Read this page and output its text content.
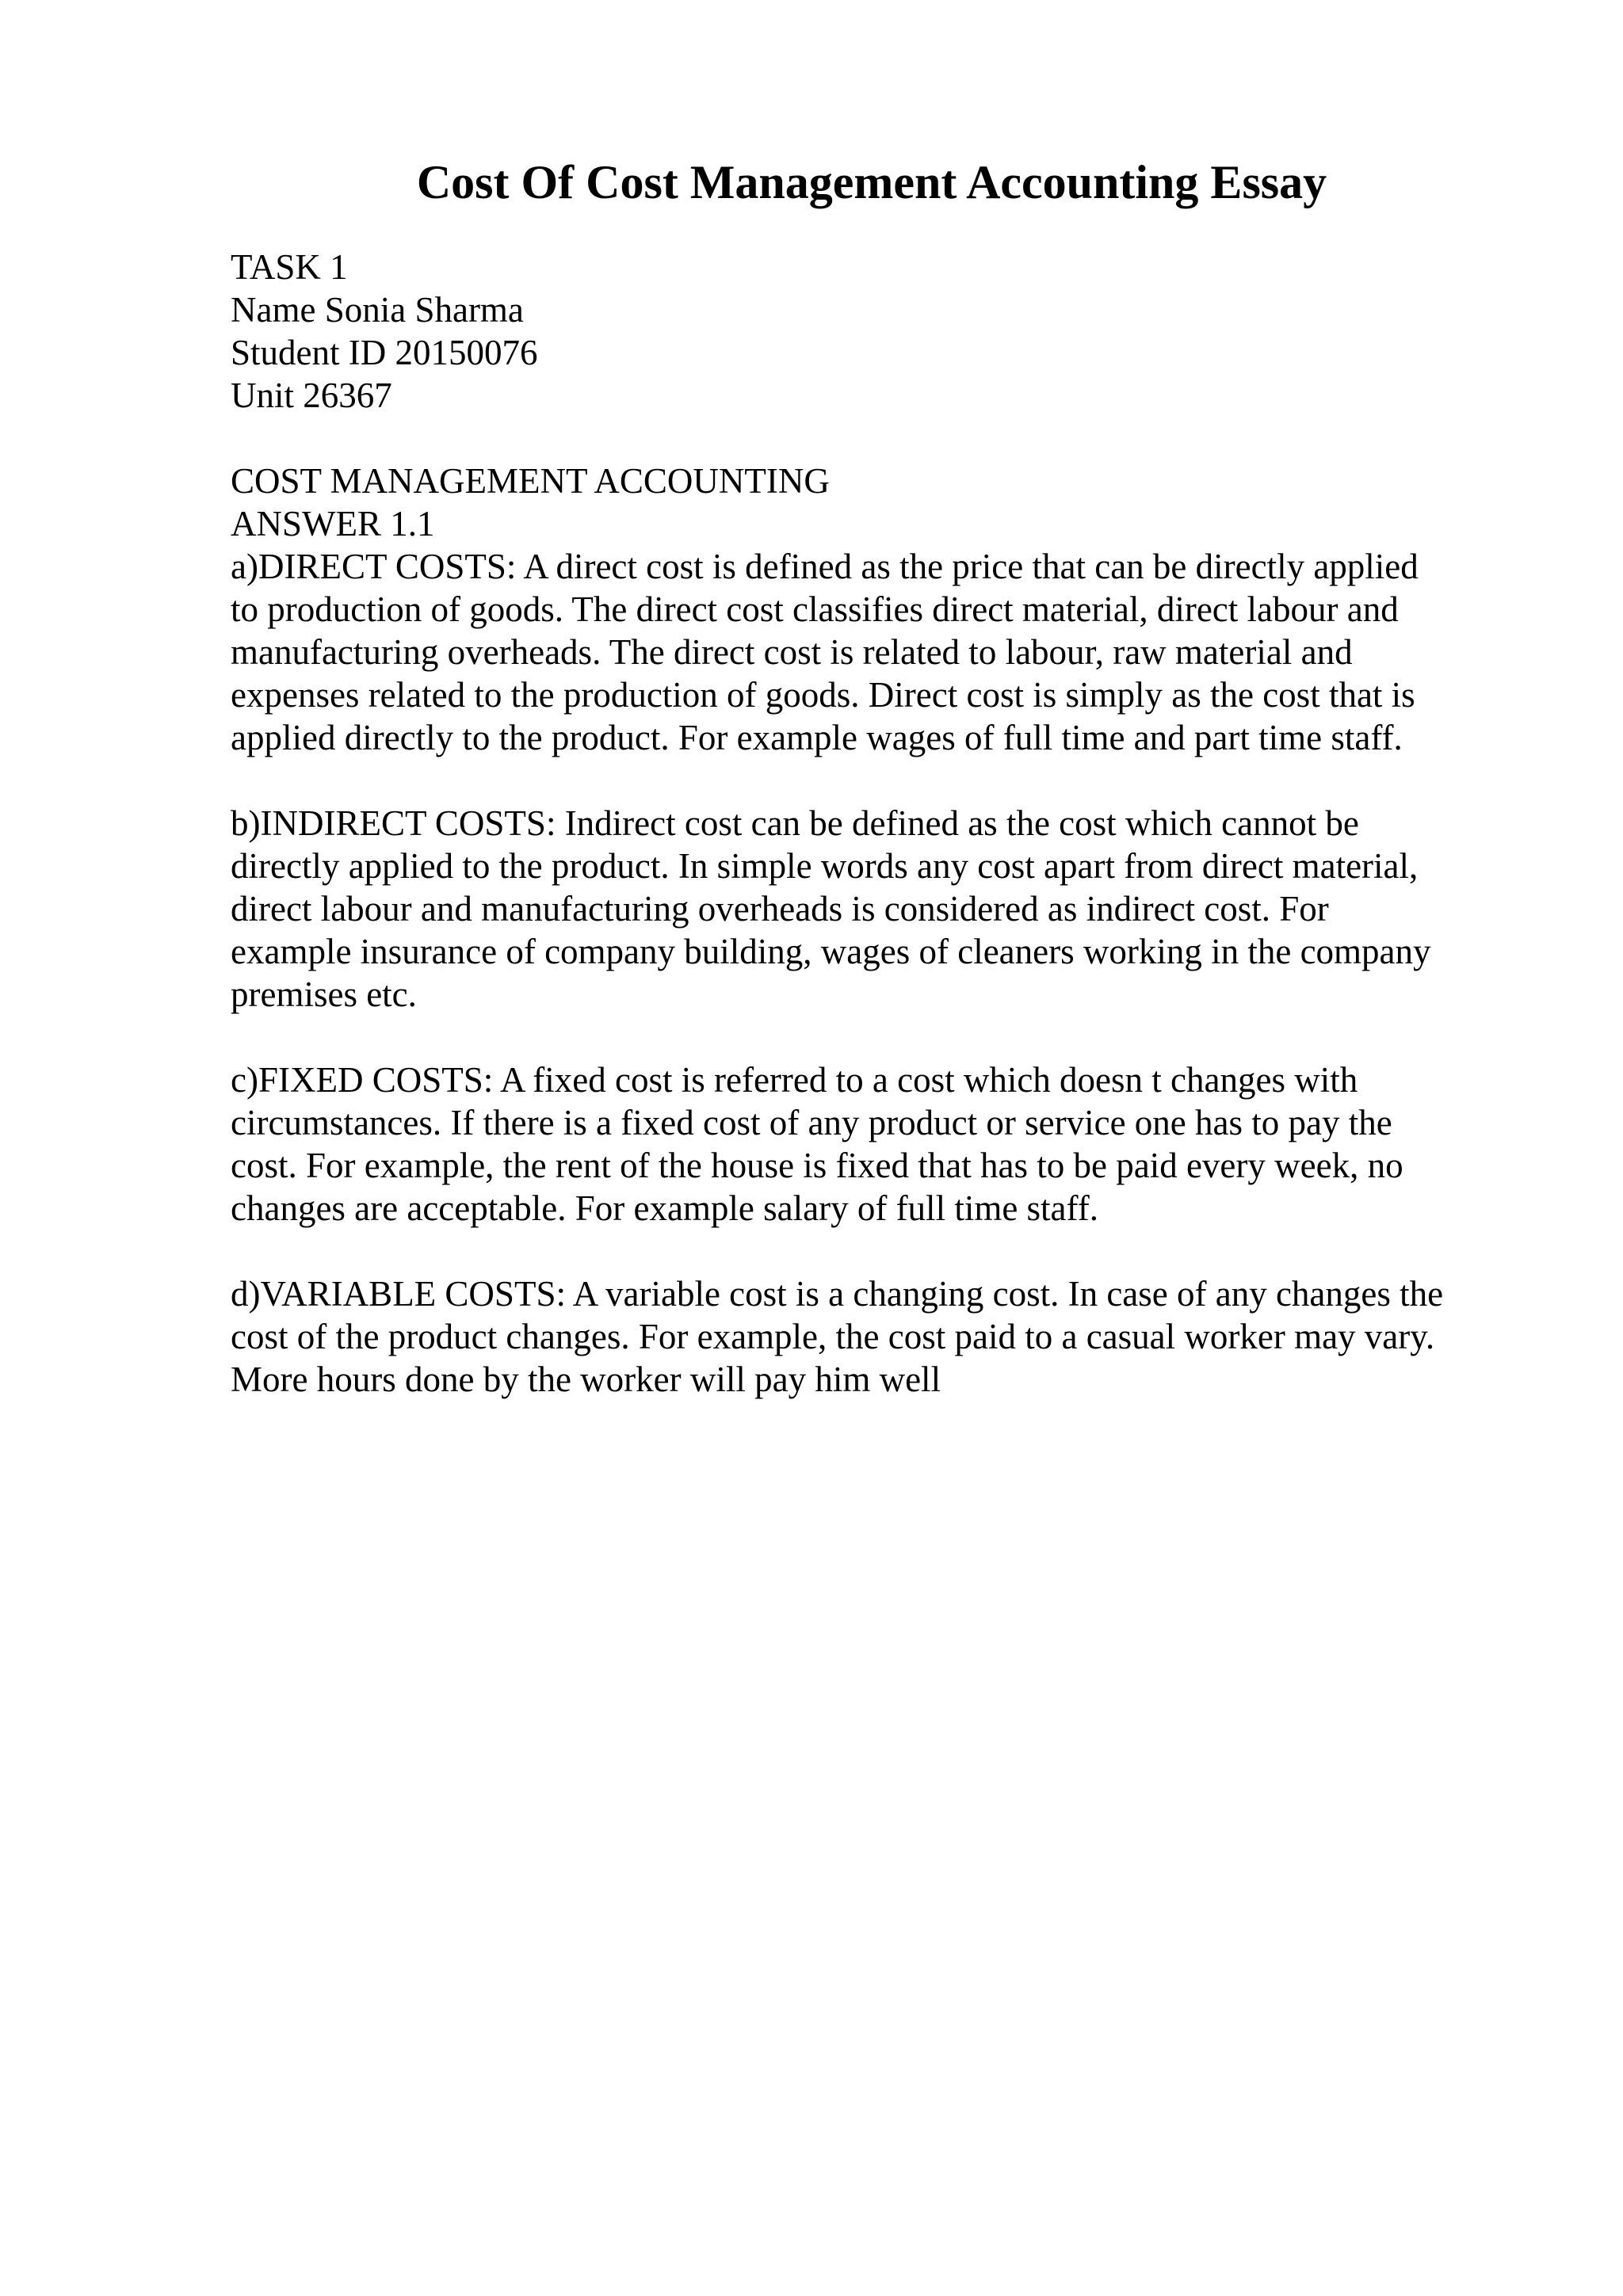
Cost Of Cost Management Accounting Essay
TASK 1
Name Sonia Sharma
Student ID 20150076
Unit 26367
COST MANAGEMENT ACCOUNTING
ANSWER 1.1
a)DIRECT COSTS: A direct cost is defined as the price that can be directly applied
to production of goods. The direct cost classifies direct material, direct labour and
manufacturing overheads. The direct cost is related to labour, raw material and
expenses related to the production of goods. Direct cost is simply as the cost that is
applied directly to the product. For example wages of full time and part time staff.
b)INDIRECT COSTS: Indirect cost can be defined as the cost which cannot be
directly applied to the product. In simple words any cost apart from direct material,
direct labour and manufacturing overheads is considered as indirect cost. For
example insurance of company building, wages of cleaners working in the company
premises etc.
c)FIXED COSTS: A fixed cost is referred to a cost which doesn t changes with
circumstances. If there is a fixed cost of any product or service one has to pay the
cost. For example, the rent of the house is fixed that has to be paid every week, no
changes are acceptable. For example salary of full time staff.
d)VARIABLE COSTS: A variable cost is a changing cost. In case of any changes the
cost of the product changes. For example, the cost paid to a casual worker may vary.
More hours done by the worker will pay him well
